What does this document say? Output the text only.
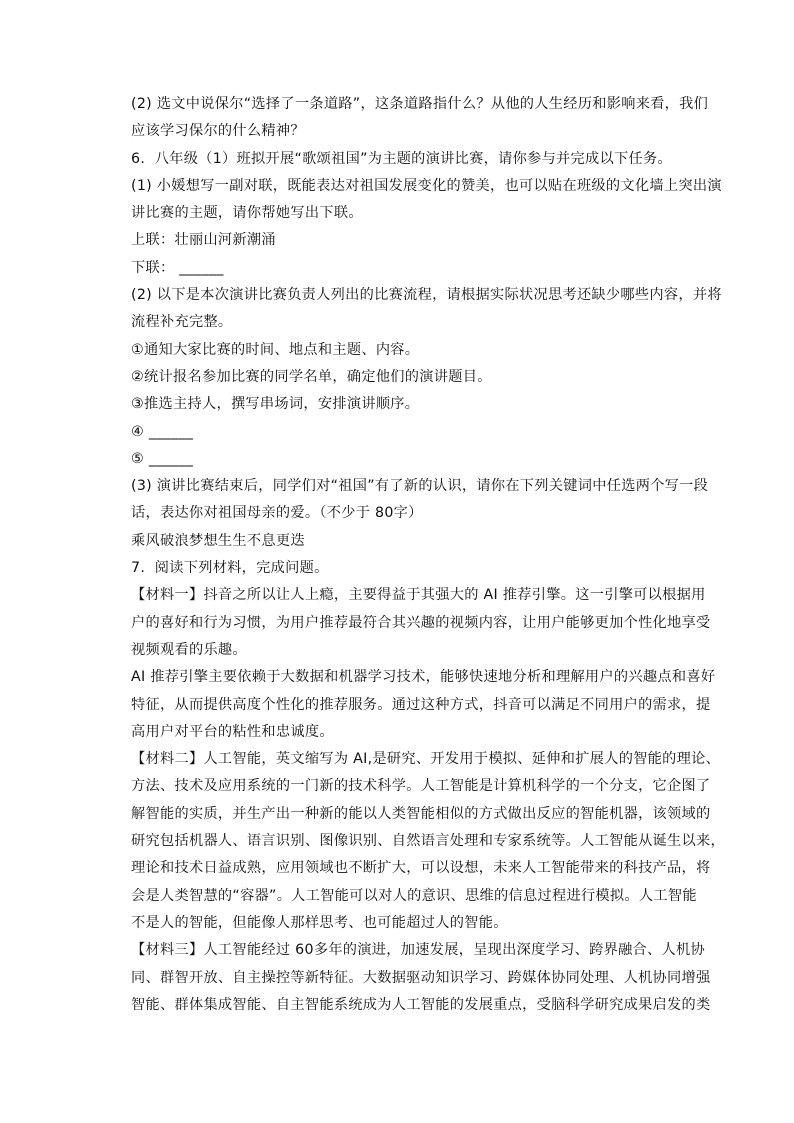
(2) 选文中说保尔“选择了一条道路”，这条道路指什么？从他的人生经历和影响来看，我们
应该学习保尔的什么精神？
6.  八年级（1）班拟开展“歌颂祖国”为主题的演讲比赛，请你参与并完成以下任务。
(1) 小媛想写一副对联，既能表达对祖国发展变化的赞美，也可以贴在班级的文化墙上突出演
讲比赛的主题，请你帮她写出下联。
上联：壮丽山河新潮涌
下联： ______
(2) 以下是本次演讲比赛负责人列出的比赛流程，请根据实际状况思考还缺少哪些内容，并将
流程补充完整。
①通知大家比赛的时间、地点和主题、内容。
②统计报名参加比赛的同学名单，确定他们的演讲题目。
③推选主持人，撰写串场词，安排演讲顺序。
④ ______
⑤ ______
(3) 演讲比赛结束后，同学们对“祖国”有了新的认识，请你在下列关键词中任选两个写一段
话，表达你对祖国母亲的爱。（不少于 80字）
乘风破浪梦想生生不息更迭
7.  阅读下列材料，完成问题。
【材料一】抖音之所以让人上瘾，主要得益于其强大的 AI 推荐引擎。这一引擎可以根据用
户的喜好和行为习惯，为用户推荐最符合其兴趣的视频内容，让用户能够更加个性化地享受
视频观看的乐趣。
AI 推荐引擎主要依赖于大数据和机器学习技术，能够快速地分析和理解用户的兴趣点和喜好
特征，从而提供高度个性化的推荐服务。通过这种方式，抖音可以满足不同用户的需求，提
高用户对平台的粘性和忠诚度。
【材料二】人工智能，英文缩写为 AI,是研究、开发用于模拟、延伸和扩展人的智能的理论、
方法、技术及应用系统的一门新的技术科学。人工智能是计算机科学的一个分支，它企图了
解智能的实质，并生产出一种新的能以人类智能相似的方式做出反应的智能机器，该领域的
研究包括机器人、语言识别、图像识别、自然语言处理和专家系统等。人工智能从诞生以来，
理论和技术日益成熟，应用领域也不断扩大，可以设想，未来人工智能带来的科技产品，将
会是人类智慧的“容器”。人工智能可以对人的意识、思维的信息过程进行模拟。人工智能
不是人的智能，但能像人那样思考、也可能超过人的智能。
【材料三】人工智能经过 60多年的演进，加速发展，呈现出深度学习、跨界融合、人机协
同、群智开放、自主操控等新特征。大数据驱动知识学习、跨媒体协同处理、人机协同增强
智能、群体集成智能、自主智能系统成为人工智能的发展重点，受脑科学研究成果启发的类
